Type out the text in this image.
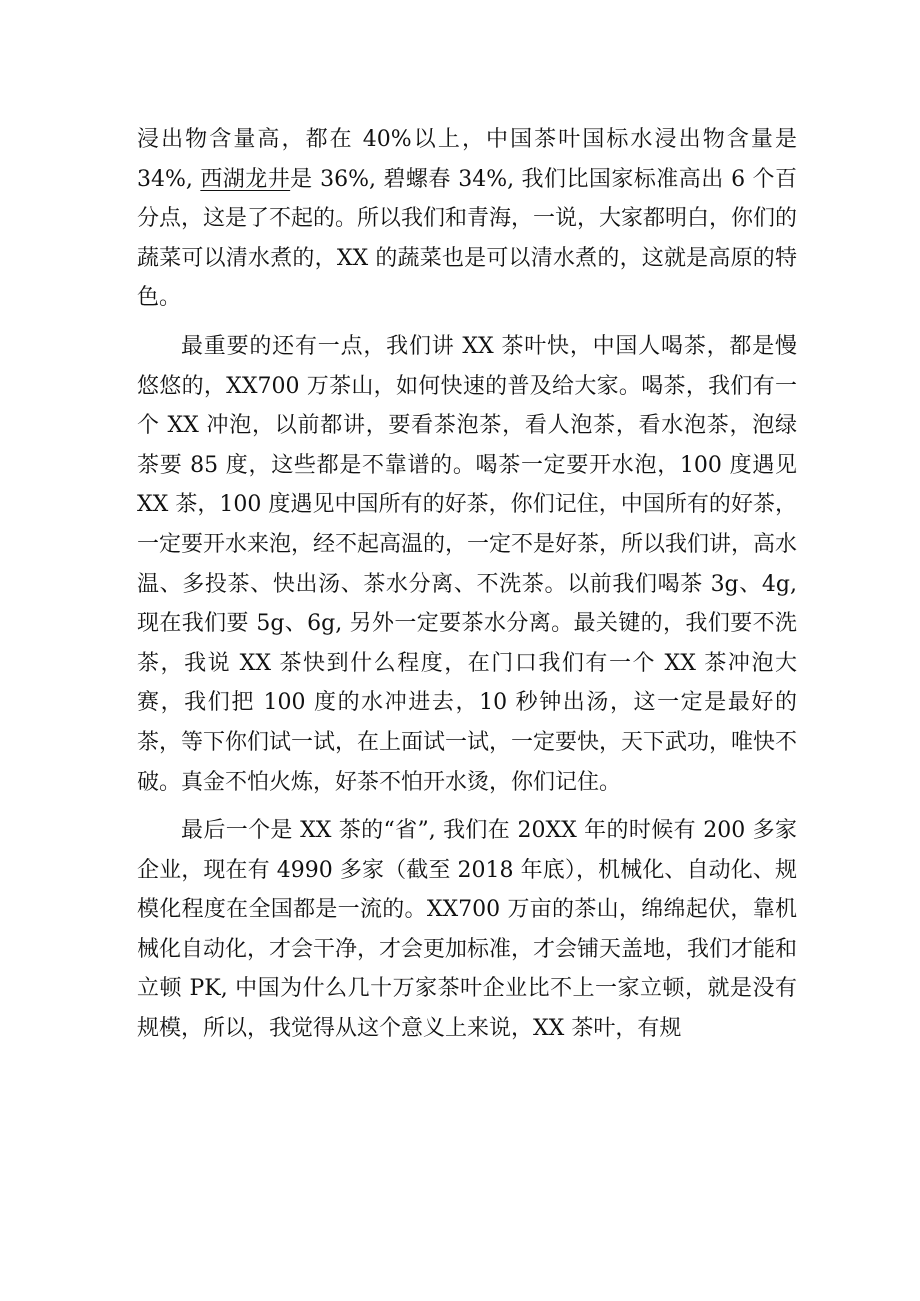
浸出物含量高，都在 40%以上，中国茶叶国标水浸出物含量是 34%, 西湖龙井是 36%, 碧螺春 34%, 我们比国家标准高出 6 个百分点，这是了不起的。所以我们和青海，一说，大家都明白，你们的蔬菜可以清水煮的，XX 的蔬菜也是可以清水煮的，这就是高原的特色。

最重要的还有一点，我们讲 XX 茶叶快，中国人喝茶，都是慢悠悠的，XX700 万茶山，如何快速的普及给大家。喝茶，我们有一个 XX 冲泡，以前都讲，要看茶泡茶，看人泡茶，看水泡茶，泡绿茶要 85 度，这些都是不靠谱的。喝茶一定要开水泡，100 度遇见 XX 茶，100 度遇见中国所有的好茶，你们记住，中国所有的好茶，一定要开水来泡，经不起高温的，一定不是好茶，所以我们讲，高水温、多投茶、快出汤、茶水分离、不洗茶。以前我们喝茶 3g、4g, 现在我们要 5g、6g, 另外一定要茶水分离。最关键的，我们要不洗茶，我说 XX 茶快到什么程度，在门口我们有一个 XX 茶冲泡大赛，我们把 100 度的水冲进去，10 秒钟出汤，这一定是最好的茶，等下你们试一试，在上面试一试，一定要快，天下武功，唯快不破。真金不怕火炼，好茶不怕开水烫，你们记住。

最后一个是 XX 茶的“省”, 我们在 20XX 年的时候有 200 多家企业，现在有 4990 多家（截至 2018 年底），机械化、自动化、规模化程度在全国都是一流的。XX700 万亩的茶山，绵绵起伏，靠机械化自动化，才会干净，才会更加标准，才会铺天盖地，我们才能和立顿 PK, 中国为什么几十万家茶叶企业比不上一家立顿，就是没有规模，所以，我觉得从这个意义上来说，XX 茶叶，有规
